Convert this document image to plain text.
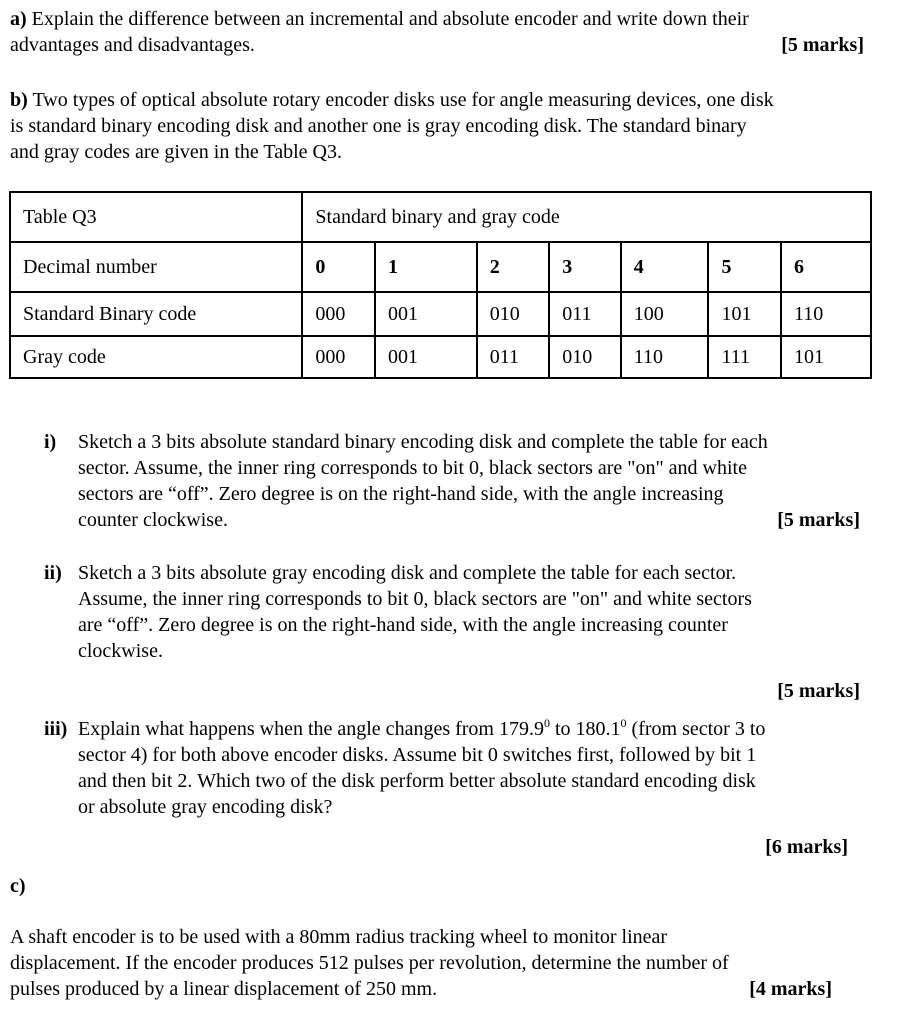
a) Explain the difference between an incremental and absolute encoder and write down their
advantages and disadvantages.	[5 marks]
b) Two types of optical absolute rotary encoder disks use for angle measuring devices, one disk
is standard binary encoding disk and another one is gray encoding disk. The standard binary
and gray codes are given in the Table Q3.
Table Q3	Standard binary and gray code						
Decimal number	0	1	2	3	4	5	6
Standard Binary code	000	001	010	011	100	101	110
Gray code	000	001	011	010	110	111	101
i) Sketch a 3 bits absolute standard binary encoding disk and complete the table for each
sector. Assume, the inner ring corresponds to bit 0, black sectors are "on" and white
sectors are “off”. Zero degree is on the right-hand side, with the angle increasing
counter clockwise.	[5 marks]
ii) Sketch a 3 bits absolute gray encoding disk and complete the table for each sector.
Assume, the inner ring corresponds to bit 0, black sectors are "on" and white sectors
are “off”. Zero degree is on the right-hand side, with the angle increasing counter
clockwise.
[5 marks]
iii) Explain what happens when the angle changes from 179.9$^0$ to 180.1$^0$ (from sector 3 to
sector 4) for both above encoder disks. Assume bit 0 switches first, followed by bit 1
and then bit 2. Which two of the disk perform better absolute standard encoding disk
or absolute gray encoding disk?
[6 marks]
c)
A shaft encoder is to be used with a 80mm radius tracking wheel to monitor linear
displacement. If the encoder produces 512 pulses per revolution, determine the number of
pulses produced by a linear displacement of 250 mm.	[4 marks]
